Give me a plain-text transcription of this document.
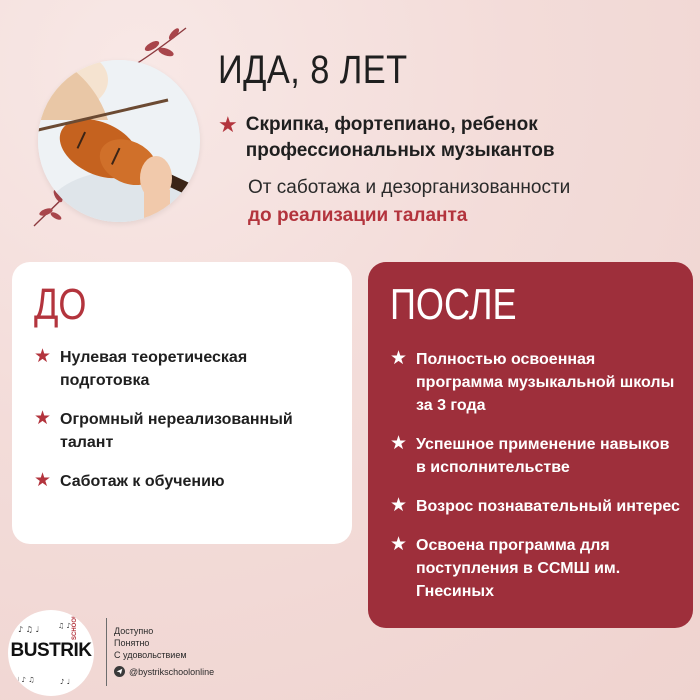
ИДА, 8 ЛЕТ
★ Скрипка, фортепиано, ребенок профессиональных музыкантов
От саботажа и дезорганизованности
до реализации таланта
ДО
★ Нулевая теоретическая подготовка
★ Огромный нереализованный талант
★ Саботаж к обучению
ПОСЛЕ
★ Полностью освоенная программа музыкальной школы за 3 года
★ Успешное применение навыков в исполнительстве
★ Возрос познавательный интерес
★ Освоена программа для поступления в ССМШ им. Гнесиных
♪ ♫ ♩	♫ ♪
♩ ♪ ♫	♪ ♩
BUSTRIK
SCHOOL	Доступно
Понятно
С удовольствием
@bystrikschoolonline
